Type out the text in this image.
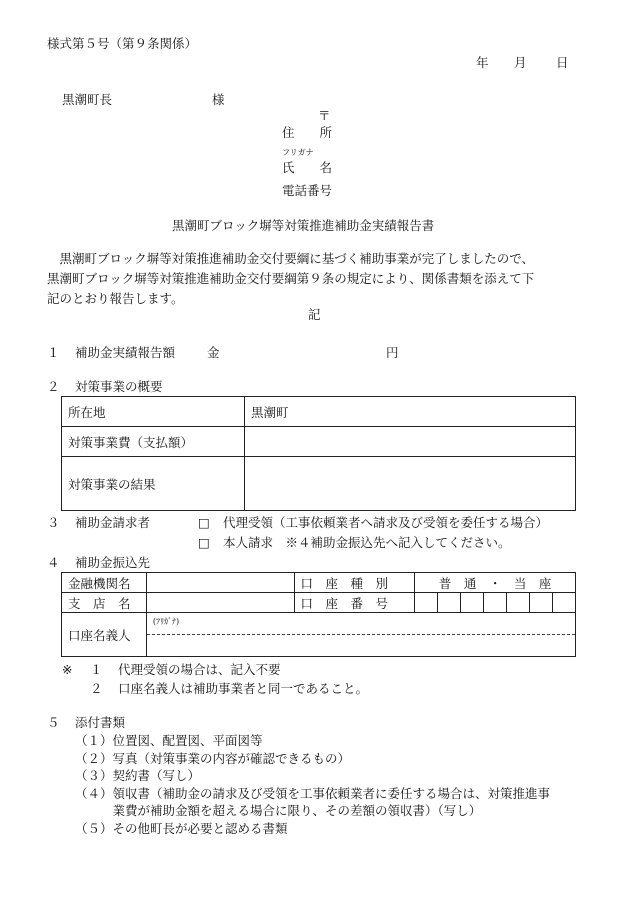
様式第５号（第９条関係）
年 月 日
黒潮町長	様
〒
住　　所
フリガナ
氏　　名
電話番号
黒潮町ブロック塀等対策推進補助金実績報告書
　黒潮町ブロック塀等対策推進補助金交付要綱に基づく補助事業が完了しましたので、
黒潮町ブロック塀等対策推進補助金交付要綱第９条の規定により、関係書類を添えて下
記のとおり報告します。
記
１ 補助金実績報告額	金	円
２ 対策事業の概要
所在地	黒潮町
対策事業費（支払額）	
対策事業の結果	
３ 補助金請求者	□ 代理受領（工事依頼業者へ請求及び受領を委任する場合）
□ 本人請求　※４補助金振込先へ記入してください。
４ 補助金振込先
金融機関名		口　座　種　別	普　通　・　当　座						
支　店　名		口　座　番　号							
口座名義人	(ﾌﾘｶﾞﾅ)								
※ １ 代理受領の場合は、記入不要
２ 口座名義人は補助事業者と同一であること。
５ 添付書類
（１）位置図、配置図、平面図等
（２）写真（対策事業の内容が確認できるもの）
（３）契約書（写し）
（４）領収書（補助金の請求及び受領を工事依頼業者に委任する場合は、対策推進事
　　　業費が補助金額を超える場合に限り、その差額の領収書）（写し）
（５）その他町長が必要と認める書類
